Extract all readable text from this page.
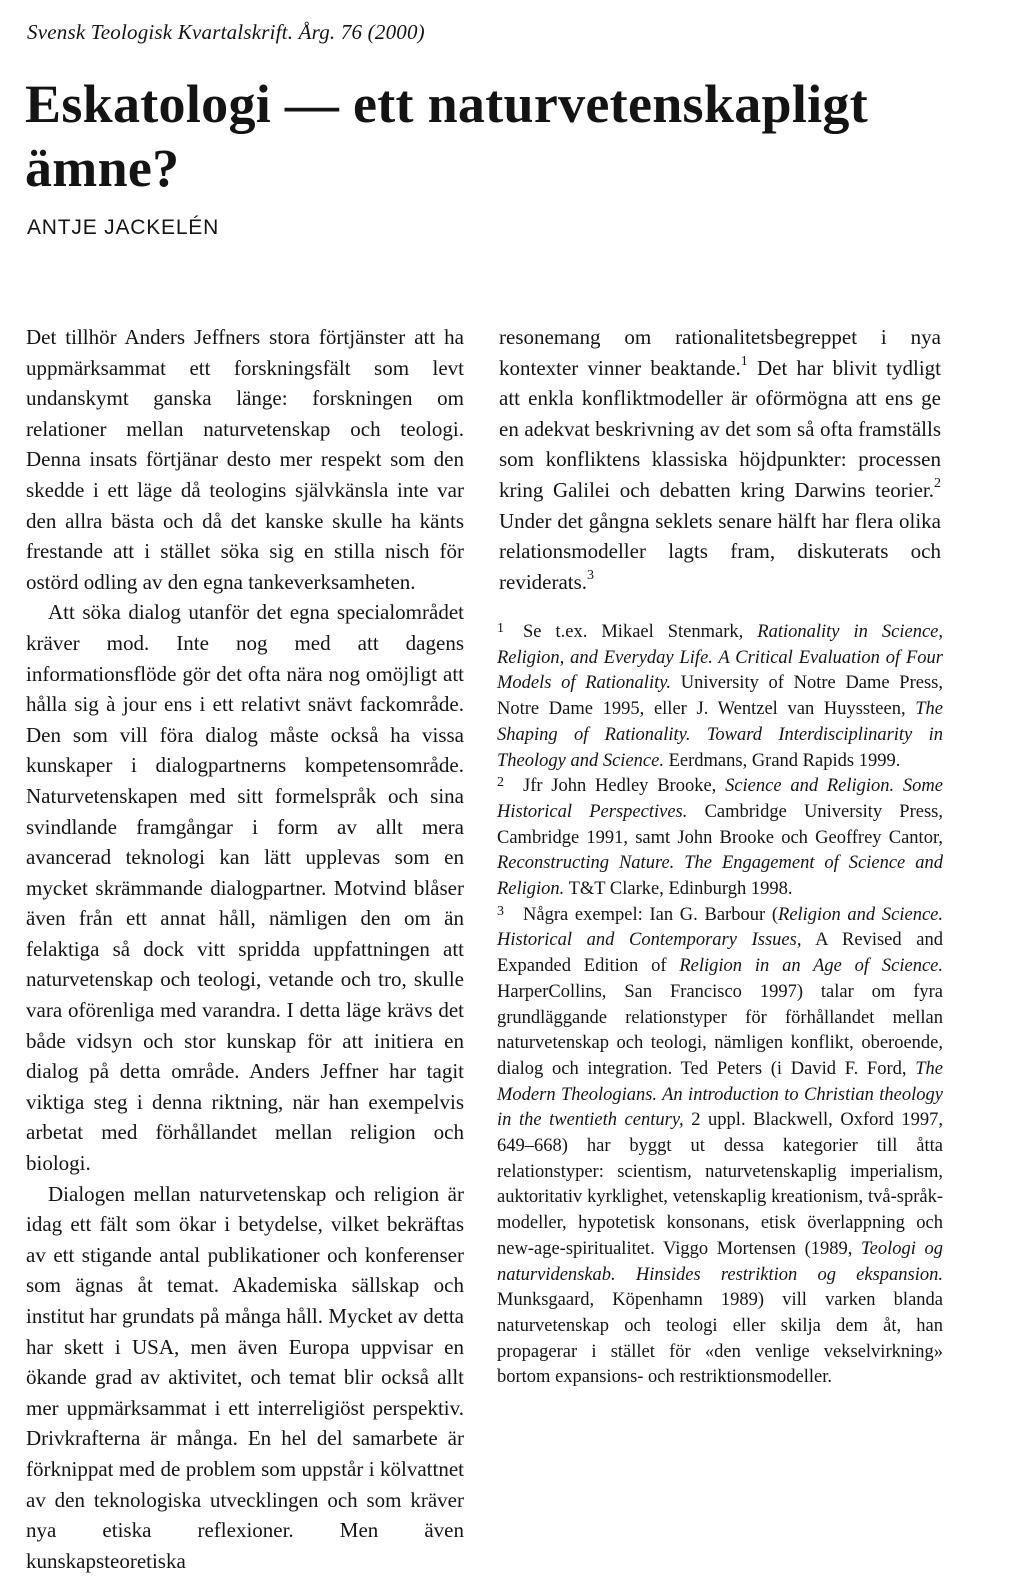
Svensk Teologisk Kvartalskrift. Årg. 76 (2000)
Eskatologi — ett naturvetenskapligt
ämne?
ANTJE JACKELÉN

Det tillhör Anders Jeffners stora förtjänster att ha uppmärksammat ett forskningsfält som levt undanskymt ganska länge: forskningen om relationer mellan naturvetenskap och teologi. Denna insats förtjänar desto mer respekt som den skedde i ett läge då teologins självkänsla inte var den allra bästa och då det kanske skulle ha känts frestande att i stället söka sig en stilla nisch för ostörd odling av den egna tankeverksamheten.

Att söka dialog utanför det egna specialområdet kräver mod. Inte nog med att dagens informationsflöde gör det ofta nära nog omöjligt att hålla sig à jour ens i ett relativt snävt fackområde. Den som vill föra dialog måste också ha vissa kunskaper i dialogpartnerns kompetensområde. Naturvetenskapen med sitt formelspråk och sina svindlande framgångar i form av allt mera avancerad teknologi kan lätt upplevas som en mycket skrämmande dialogpartner. Motvind blåser även från ett annat håll, nämligen den om än felaktiga så dock vitt spridda uppfattningen att naturvetenskap och teologi, vetande och tro, skulle vara oförenliga med varandra. I detta läge krävs det både vidsyn och stor kunskap för att initiera en dialog på detta område. Anders Jeffner har tagit viktiga steg i denna riktning, när han exempelvis arbetat med förhållandet mellan religion och biologi.

Dialogen mellan naturvetenskap och religion är idag ett fält som ökar i betydelse, vilket bekräftas av ett stigande antal publikationer och konferenser som ägnas åt temat. Akademiska sällskap och institut har grundats på många håll. Mycket av detta har skett i USA, men även Europa uppvisar en ökande grad av aktivitet, och temat blir också allt mer uppmärksammat i ett interreligiöst perspektiv. Drivkrafterna är många. En hel del samarbete är förknippat med de problem som uppstår i kölvattnet av den teknologiska utvecklingen och som kräver nya etiska reflexioner. Men även kunskapsteoretiska

resonemang om rationalitetsbegreppet i nya kontexter vinner beaktande.$^1$ Det har blivit tydligt att enkla konfliktmodeller är oförmögna att ens ge en adekvat beskrivning av det som så ofta framställs som konfliktens klassiska höjdpunkter: processen kring Galilei och debatten kring Darwins teorier.$^2$ Under det gångna seklets senare hälft har flera olika relationsmodeller lagts fram, diskuterats och reviderats.$^3$

1 Se t.ex. Mikael Stenmark, Rationality in Science, Religion, and Everyday Life. A Critical Evaluation of Four Models of Rationality. University of Notre Dame Press, Notre Dame 1995, eller J. Wentzel van Huyssteen, The Shaping of Rationality. Toward Interdisciplinarity in Theology and Science. Eerdmans, Grand Rapids 1999.

2 Jfr John Hedley Brooke, Science and Religion. Some Historical Perspectives. Cambridge University Press, Cambridge 1991, samt John Brooke och Geoffrey Cantor, Reconstructing Nature. The Engagement of Science and Religion. T&T Clarke, Edinburgh 1998.

3 Några exempel: Ian G. Barbour (Religion and Science. Historical and Contemporary Issues, A Revised and Expanded Edition of Religion in an Age of Science. HarperCollins, San Francisco 1997) talar om fyra grundläggande relationstyper för förhållandet mellan naturvetenskap och teologi, nämligen konflikt, oberoende, dialog och integration. Ted Peters (i David F. Ford, The Modern Theologians. An introduction to Christian theology in the twentieth century, 2 uppl. Blackwell, Oxford 1997, 649–668) har byggt ut dessa kategorier till åtta relationstyper: scientism, naturvetenskaplig imperialism, auktoritativ kyrklighet, vetenskaplig kreationism, två-språk-modeller, hypotetisk konsonans, etisk överlappning och new-age-spiritualitet. Viggo Mortensen (1989, Teologi og naturvidenskab. Hinsides restriktion og ekspansion. Munksgaard, Köpenhamn 1989) vill varken blanda naturvetenskap och teologi eller skilja dem åt, han propagerar i stället för «den venlige vekselvirkning» bortom expansions- och restriktionsmodeller.
